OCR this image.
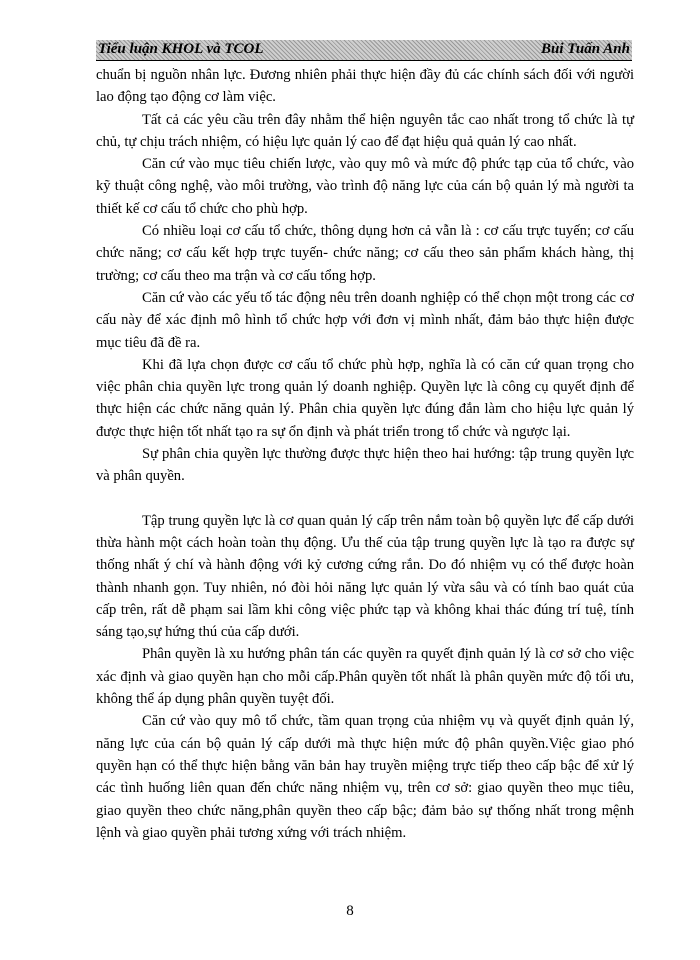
Tiểu luận KHOL và TCOL	Bùi Tuấn Anh

chuẩn bị nguồn nhân lực. Đương nhiên phải thực hiện đầy đủ các chính sách đối với người lao động tạo động cơ làm việc.

Tất cả các yêu cầu trên đây nhằm thể hiện nguyên tắc cao nhất trong tổ chức là tự chủ, tự chịu trách nhiệm, có hiệu lực quản lý cao để đạt hiệu quả quản lý cao nhất.

Căn cứ vào mục tiêu chiến lược, vào quy mô và mức độ phức tạp của tổ chức, vào kỹ thuật công nghệ, vào môi trường, vào trình độ năng lực của cán bộ quản lý mà người ta thiết kế cơ cấu tổ chức cho phù hợp.

Có nhiều loại cơ cấu tổ chức, thông dụng hơn cả vẫn là : cơ cấu trực tuyến; cơ cấu chức năng; cơ cấu kết hợp trực tuyến- chức năng; cơ cấu theo sản phẩm khách hàng, thị trường; cơ cấu theo ma trận và cơ cấu tổng hợp.

Căn cứ vào các yếu tố tác động nêu trên doanh nghiệp có thể chọn một trong các cơ cấu này để xác định mô hình tổ chức hợp với đơn vị mình nhất, đảm bảo thực hiện được mục tiêu đã đề ra.

Khi đã lựa chọn được cơ cấu tổ chức phù hợp, nghĩa là có căn cứ quan trọng cho việc phân chia quyền lực trong quản lý doanh nghiệp. Quyền lực là công cụ quyết định để thực hiện các chức năng quản lý. Phân chia quyền lực đúng đắn làm cho hiệu lực quản lý được thực hiện tốt nhất tạo ra sự ổn định và phát triển trong tổ chức và ngược lại.

Sự phân chia quyền lực thường được thực hiện theo hai hướng: tập trung quyền lực và phân quyền.

Tập trung quyền lực là cơ quan quản lý cấp trên nắm toàn bộ quyền lực để cấp dưới thừa hành một cách hoàn toàn thụ động. Ưu thế của tập trung quyền lực là tạo ra được sự thống nhất ý chí và hành động với kỷ cương cứng rắn. Do đó nhiệm vụ có thể được hoàn thành nhanh gọn. Tuy nhiên, nó đòi hỏi năng lực quản lý vừa sâu và có tính bao quát của cấp trên, rất dễ phạm sai lầm khi công việc phức tạp và không khai thác đúng trí tuệ, tính sáng tạo,sự hứng thú của cấp dưới.

Phân quyền là xu hướng phân tán các quyền ra quyết định quản lý là cơ sở cho việc xác định và giao quyền hạn cho mỗi cấp.Phân quyền tốt nhất là phân quyền mức độ tối ưu, không thể áp dụng phân quyền tuyệt đối.

Căn cứ vào quy mô tổ chức, tầm quan trọng của nhiệm vụ và quyết định quản lý, năng lực của cán bộ quản lý cấp dưới mà thực hiện mức độ phân quyền.Việc giao phó quyền hạn có thể thực hiện bằng văn bản hay truyền miệng trực tiếp theo cấp bậc để xử lý các tình huống liên quan đến chức năng nhiệm vụ, trên cơ sở: giao quyền theo mục tiêu, giao quyền theo chức năng,phân quyền theo cấp bậc; đảm bảo sự thống nhất trong mệnh lệnh và giao quyền phải tương xứng với trách nhiệm.

8
